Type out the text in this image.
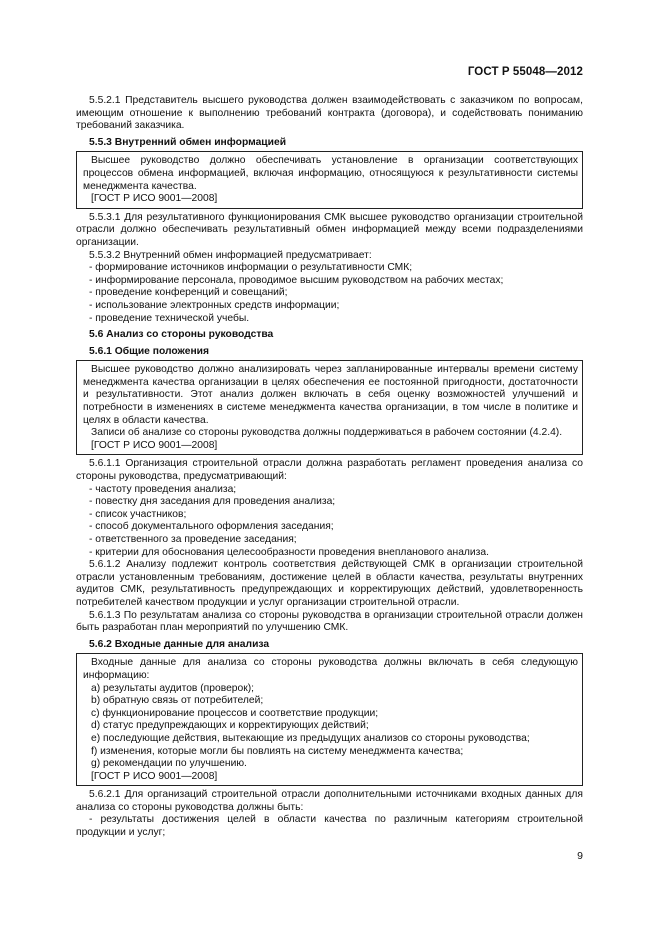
ГОСТ Р 55048—2012

5.5.2.1 Представитель высшего руководства должен взаимодействовать с заказчиком по вопросам, имеющим отношение к выполнению требований контракта (договора), и содействовать пониманию требований заказчика.

5.5.3 Внутренний обмен информацией

Высшее руководство должно обеспечивать установление в организации соответствующих процессов обмена информацией, включая информацию, относящуюся к результативности системы менеджмента качества.

[ГОСТ Р ИСО 9001—2008]

5.5.3.1 Для результативного функционирования СМК высшее руководство организации строительной отрасли должно обеспечивать результативный обмен информацией между всеми подразделениями организации.

5.5.3.2 Внутренний обмен информацией предусматривает:

- формирование источников информации о результативности СМК;

- информирование персонала, проводимое высшим руководством на рабочих местах;

- проведение конференций и совещаний;

- использование электронных средств информации;

- проведение технической учебы.

5.6 Анализ со стороны руководства
5.6.1 Общие положения

Высшее руководство должно анализировать через запланированные интервалы времени систему менеджмента качества организации в целях обеспечения ее постоянной пригодности, достаточности и результативности. Этот анализ должен включать в себя оценку возможностей улучшений и потребности в изменениях в системе менеджмента качества организации, в том числе в политике и целях в области качества.

Записи об анализе со стороны руководства должны поддерживаться в рабочем состоянии (4.2.4).

[ГОСТ Р ИСО 9001—2008]

5.6.1.1 Организация строительной отрасли должна разработать регламент проведения анализа со стороны руководства, предусматривающий:

- частоту проведения анализа;

- повестку дня заседания для проведения анализа;

- список участников;

- способ документального оформления заседания;

- ответственного за проведение заседания;

- критерии для обоснования целесообразности проведения внепланового анализа.

5.6.1.2 Анализу подлежит контроль соответствия действующей СМК в организации строительной отрасли установленным требованиям, достижение целей в области качества, результаты внутренних аудитов СМК, результативность предупреждающих и корректирующих действий, удовлетворенность потребителей качеством продукции и услуг организации строительной отрасли.

5.6.1.3 По результатам анализа со стороны руководства в организации строительной отрасли должен быть разработан план мероприятий по улучшению СМК.

5.6.2 Входные данные для анализа

Входные данные для анализа со стороны руководства должны включать в себя следующую информацию:

a) результаты аудитов (проверок);

b) обратную связь от потребителей;

c) функционирование процессов и соответствие продукции;

d) статус предупреждающих и корректирующих действий;

e) последующие действия, вытекающие из предыдущих анализов со стороны руководства;

f) изменения, которые могли бы повлиять на систему менеджмента качества;

g) рекомендации по улучшению.

[ГОСТ Р ИСО 9001—2008]

5.6.2.1 Для организаций строительной отрасли дополнительными источниками входных данных для анализа со стороны руководства должны быть:

- результаты достижения целей в области качества по различным категориям строительной продукции и услуг;

9
